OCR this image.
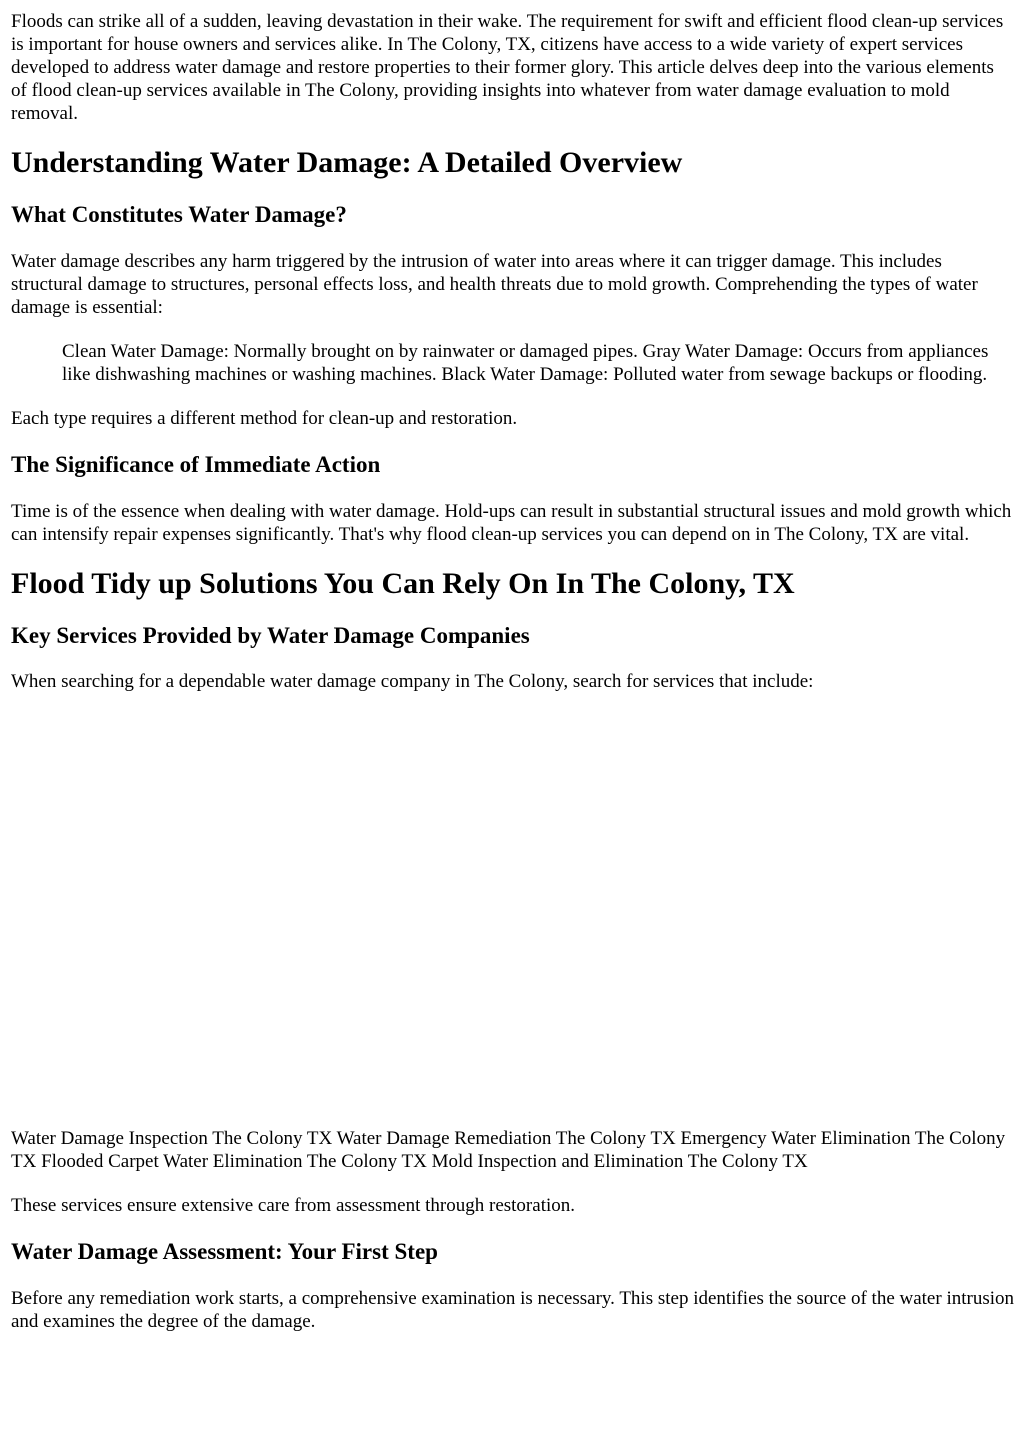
Floods can strike all of a sudden, leaving devastation in their wake. The requirement for swift and efficient flood clean-up services is important for house owners and services alike. In The Colony, TX, citizens have access to a wide variety of expert services developed to address water damage and restore properties to their former glory. This article delves deep into the various elements of flood clean-up services available in The Colony, providing insights into whatever from water damage evaluation to mold removal.

Understanding Water Damage: A Detailed Overview
What Constitutes Water Damage?

Water damage describes any harm triggered by the intrusion of water into areas where it can trigger damage. This includes structural damage to structures, personal effects loss, and health threats due to mold growth. Comprehending the types of water damage is essential:

Clean Water Damage: Normally brought on by rainwater or damaged pipes. Gray Water Damage: Occurs from appliances like dishwashing machines or washing machines. Black Water Damage: Polluted water from sewage backups or flooding.

Each type requires a different method for clean-up and restoration.

The Significance of Immediate Action

Time is of the essence when dealing with water damage. Hold-ups can result in substantial structural issues and mold growth which can intensify repair expenses significantly. That's why flood clean-up services you can depend on in The Colony, TX are vital.

Flood Tidy up Solutions You Can Rely On In The Colony, TX
Key Services Provided by Water Damage Companies

When searching for a dependable water damage company in The Colony, search for services that include:

Water Damage Inspection The Colony TX Water Damage Remediation The Colony TX Emergency Water Elimination The Colony TX Flooded Carpet Water Elimination The Colony TX Mold Inspection and Elimination The Colony TX

These services ensure extensive care from assessment through restoration.

Water Damage Assessment: Your First Step

Before any remediation work starts, a comprehensive examination is necessary. This step identifies the source of the water intrusion and examines the degree of the damage.
